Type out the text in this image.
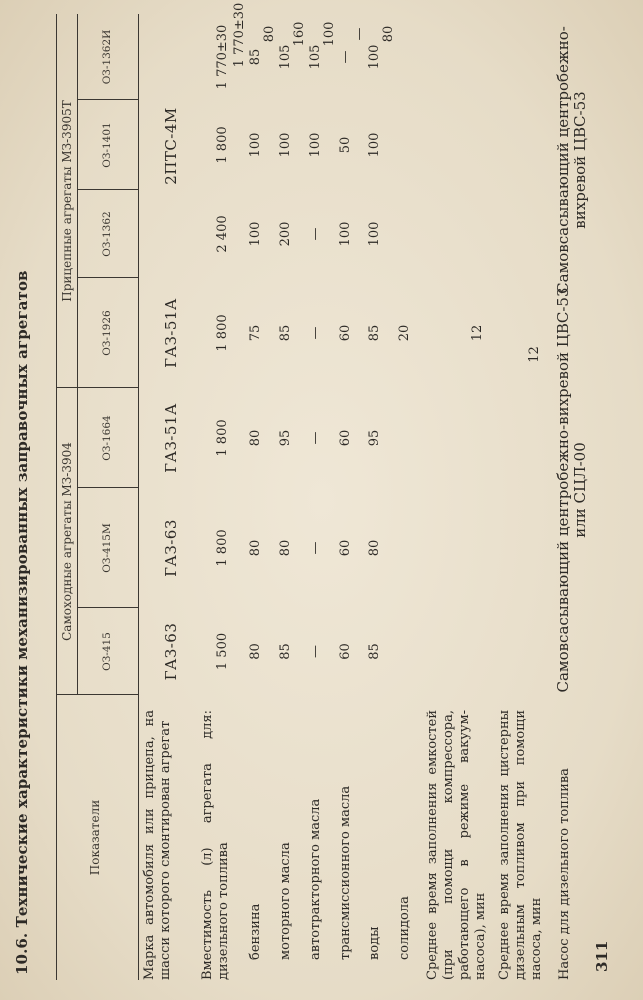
10.6. Технические характеристики механизированных заправочных агрегатов	Показатели
Самоходные агрегаты МЗ-3904
Прицепные агрегаты МЗ-3905Т
ОЗ-415
ОЗ-415М
ОЗ-1664
ОЗ-1926
ОЗ-1362
ОЗ-1401
ОЗ-1362И
Марка автомобиля или прицепа, на шасси которого смонтирован агрегат Вместимость (л) агрегата для: дизельного топлива бензина моторного масла автотракторного масла трансмиссионного масла воды солидола Среднее время заполнения емкостей (при помощи компрессора, работающего в режиме вакуум-насоса), мин Среднее время заполнения цистерны дизельным топливом при помощи насоса, мин Насос для дизельного топлива
ГАЗ-63
ГАЗ-63
ГАЗ-51А
ГАЗ-51А
2ПТС-4М
1 500
1 800
1 800
1 800
2 400
1 800
1 770±30 1 770±30
80
80
80
75
100
100
85
80
85
80
95
85
200
100
105
160
—
—
—
—
—
100
105
100
60
60
60
60
100
50
—
—
85
80
95
85
100
100
100
80
20	12
12 Самовсасывающий центробежно-вихревой ЦВС-53 или СЦЛ-00
Самовсасывающий центробежно-вихревой ЦВС-53
311
